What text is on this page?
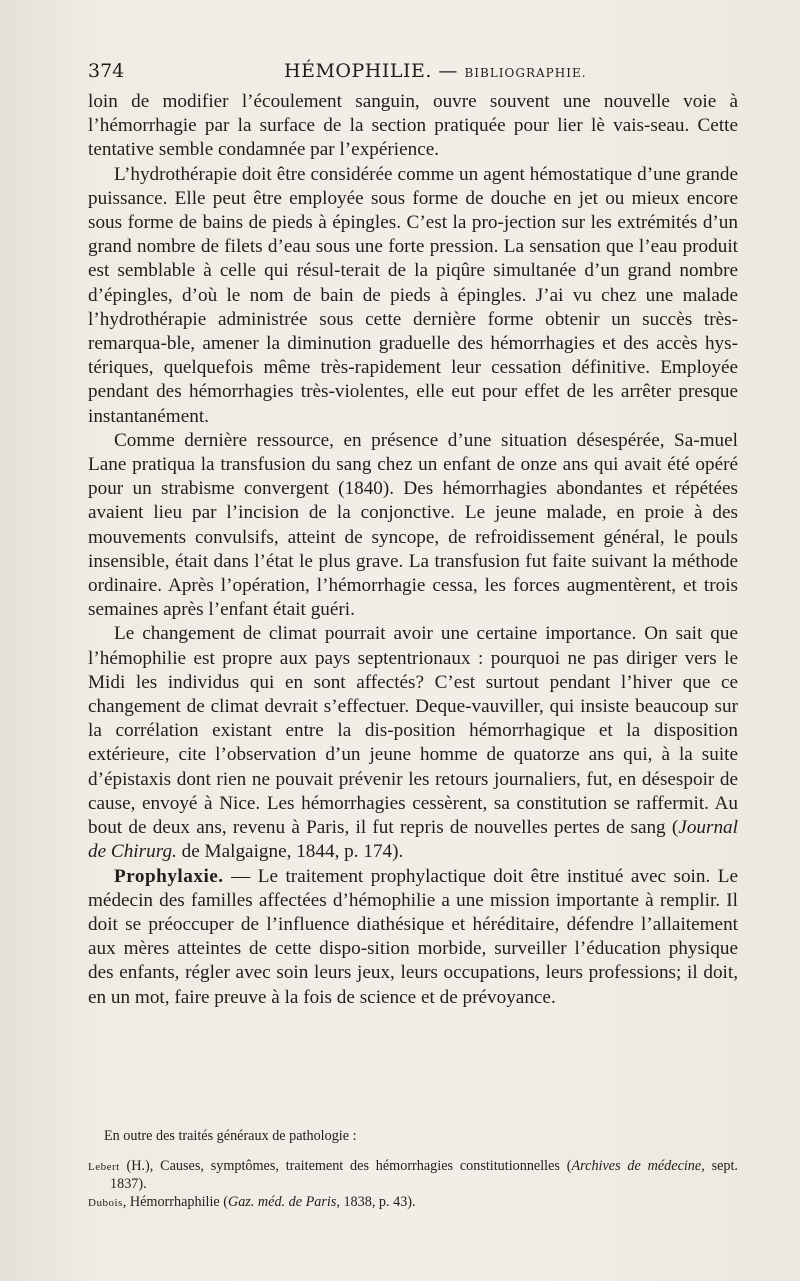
374	HÉMOPHILIE. — BIBLIOGRAPHIE.

loin de modifier l’écoulement sanguin, ouvre souvent une nouvelle voie à l’hémorrhagie par la surface de la section pratiquée pour lier lè vais-seau. Cette tentative semble condamnée par l’expérience.

L’hydrothérapie doit être considérée comme un agent hémostatique d’une grande puissance. Elle peut être employée sous forme de douche en jet ou mieux encore sous forme de bains de pieds à épingles. C’est la pro-jection sur les extrémités d’un grand nombre de filets d’eau sous une forte pression. La sensation que l’eau produit est semblable à celle qui résul-terait de la piqûre simultanée d’un grand nombre d’épingles, d’où le nom de bain de pieds à épingles. J’ai vu chez une malade l’hydrothérapie administrée sous cette dernière forme obtenir un succès très-remarqua-ble, amener la diminution graduelle des hémorrhagies et des accès hys-tériques, quelquefois même très-rapidement leur cessation définitive. Employée pendant des hémorrhagies très-violentes, elle eut pour effet de les arrêter presque instantanément.

Comme dernière ressource, en présence d’une situation désespérée, Sa-muel Lane pratiqua la transfusion du sang chez un enfant de onze ans qui avait été opéré pour un strabisme convergent (1840). Des hémorrhagies abondantes et répétées avaient lieu par l’incision de la conjonctive. Le jeune malade, en proie à des mouvements convulsifs, atteint de syncope, de refroidissement général, le pouls insensible, était dans l’état le plus grave. La transfusion fut faite suivant la méthode ordinaire. Après l’opération, l’hémorrhagie cessa, les forces augmentèrent, et trois semaines après l’enfant était guéri.

Le changement de climat pourrait avoir une certaine importance. On sait que l’hémophilie est propre aux pays septentrionaux : pourquoi ne pas diriger vers le Midi les individus qui en sont affectés? C’est surtout pendant l’hiver que ce changement de climat devrait s’effectuer. Deque-vauviller, qui insiste beaucoup sur la corrélation existant entre la dis-position hémorrhagique et la disposition extérieure, cite l’observation d’un jeune homme de quatorze ans qui, à la suite d’épistaxis dont rien ne pouvait prévenir les retours journaliers, fut, en désespoir de cause, envoyé à Nice. Les hémorrhagies cessèrent, sa constitution se raffermit. Au bout de deux ans, revenu à Paris, il fut repris de nouvelles pertes de sang (Journal de Chirurg. de Malgaigne, 1844, p. 174).

Prophylaxie. — Le traitement prophylactique doit être institué avec soin. Le médecin des familles affectées d’hémophilie a une mission importante à remplir. Il doit se préoccuper de l’influence diathésique et héréditaire, défendre l’allaitement aux mères atteintes de cette dispo-sition morbide, surveiller l’éducation physique des enfants, régler avec soin leurs jeux, leurs occupations, leurs professions; il doit, en un mot, faire preuve à la fois de science et de prévoyance.

En outre des traités généraux de pathologie :

Lebert (H.), Causes, symptômes, traitement des hémorrhagies constitutionnelles (Archives de médecine, sept. 1837).

Dubois, Hémorrhaphilie (Gaz. méd. de Paris, 1838, p. 43).
